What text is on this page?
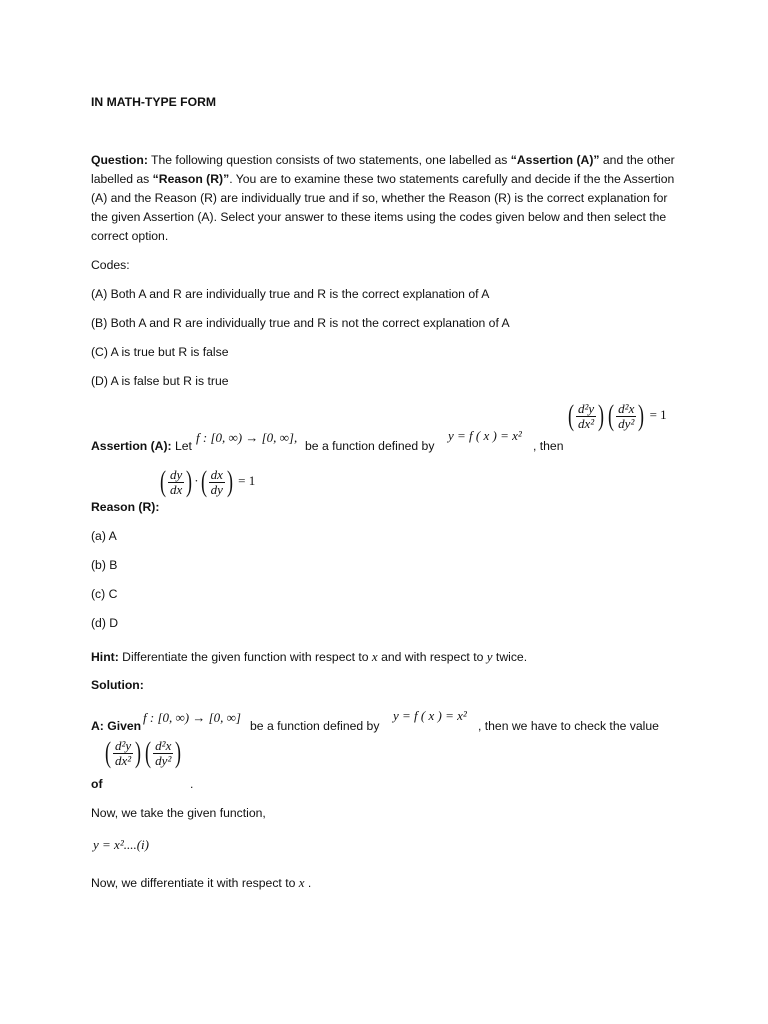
IN MATH-TYPE FORM
Question: The following question consists of two statements, one labelled as “Assertion (A)” and the other labelled as “Reason (R)”. You are to examine these two statements carefully and decide if the the Assertion (A) and the Reason (R) are individually true and if so, whether the Reason (R) is the correct explanation for the given Assertion (A). Select your answer to these items using the codes given below and then select the correct option.
Codes:
(A) Both A and R are individually true and R is the correct explanation of A
(B) Both A and R are individually true and R is not the correct explanation of A
(C) A is true but R is false
(D) A is false but R is true
Assertion (A): Let
f : [0, ∞) → [0, ∞],
be a function defined by
y = f ( x ) = x²
, then
( $\frac{\text{d²y}}{\text{dx²}}$ ) ( $\frac{\text{d²x}}{\text{dy²}}$ ) = 1
( $\frac{dy}{dx}$ ) ·( $\frac{dx}{dy}$ ) = 1
Reason (R):
(a) A
(b) B
(c) C
(d) D
Hint: Differentiate the given function with respect to x and with respect to y twice.
Solution:
A: Given
f : [0, ∞) → [0, ∞]
be a function defined by
y = f ( x ) = x²
, then we have to check the value
of
( $\frac{\text{d²y}}{\text{dx²}}$ ) ( $\frac{\text{d²x}}{\text{dy²}}$ )
.
Now, we take the given function,
y = x²....(i)
Now, we differentiate it with respect to x .
